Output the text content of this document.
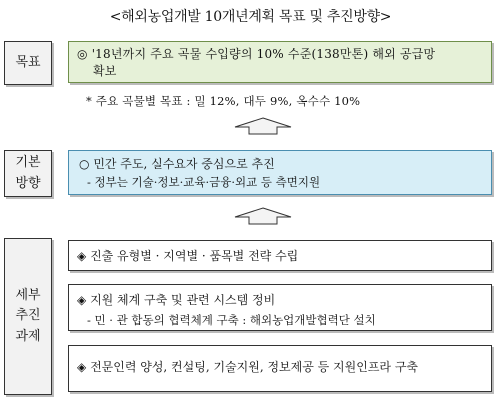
<해외농업개발 10개년계획 목표 및 추진방향>
목표
◎ '18년까지 주요 곡물 수입량의 10% 수준(138만톤) 해외 공급망
확보
* 주요 곡물별 목표 : 밀 12%, 대두 9%, 옥수수 10%
기본
방향
○ 민간 주도, 실수요자 중심으로 추진
- 정부는 기술·정보·교육·금융·외교 등 측면지원
세부
추진
과제
◈ 진출 유형별 · 지역별 · 품목별 전략 수립
◈ 지원 체계 구축 및 관련 시스템 정비
- 민 · 관 합동의 협력체계 구축 : 해외농업개발협력단 설치
◈ 전문인력 양성, 컨설팅, 기술지원, 정보제공 등 지원인프라 구축
